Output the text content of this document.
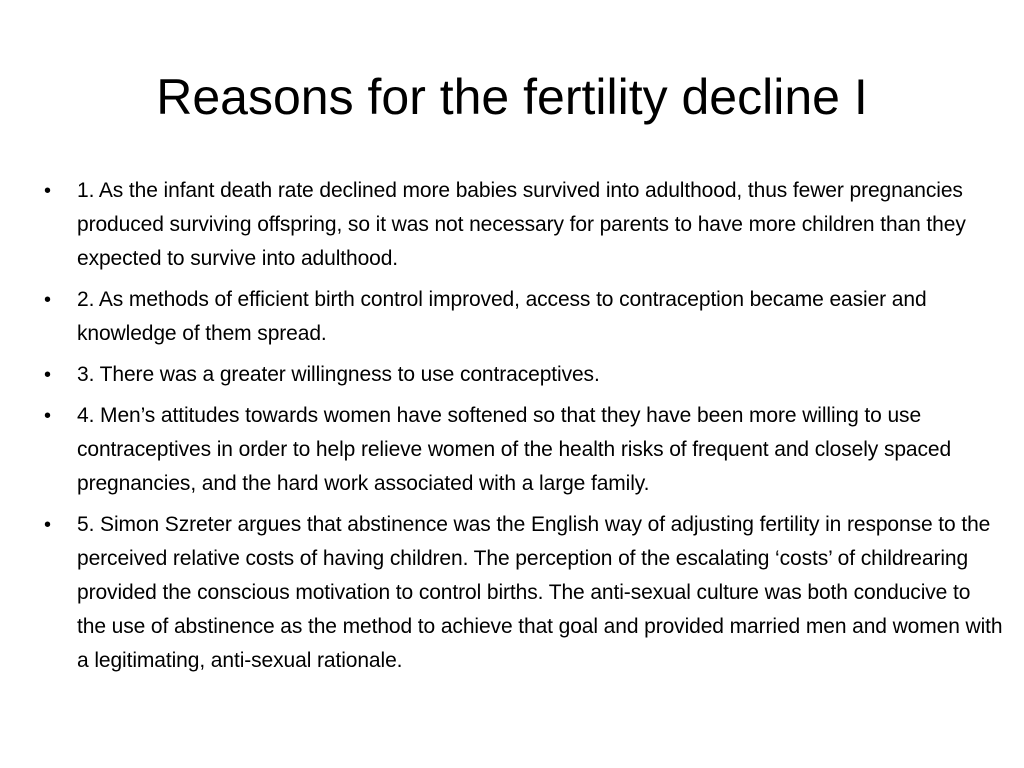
Reasons for the fertility decline I
•	1. As the infant death rate declined more babies survived into adulthood, thus fewer pregnancies produced surviving offspring, so it was not necessary for parents to have more children than they expected to survive into adulthood.
•	2. As methods of efficient birth control improved, access to contraception became easier and knowledge of them spread.
•	3. There was a greater willingness to use contraceptives.
•	4. Men’s attitudes towards women have softened so that they have been more willing to use contraceptives in order to help relieve women of the health risks of frequent and closely spaced pregnancies, and the hard work associated with a large family.
•	5. Simon Szreter argues that abstinence was the English way of adjusting fertility in response to the perceived relative costs of having children. The perception of the escalating ‘costs’ of childrearing provided the conscious motivation to control births. The anti-sexual culture was both conducive to the use of abstinence as the method to achieve that goal and provided married men and women with a legitimating, anti-sexual rationale.
